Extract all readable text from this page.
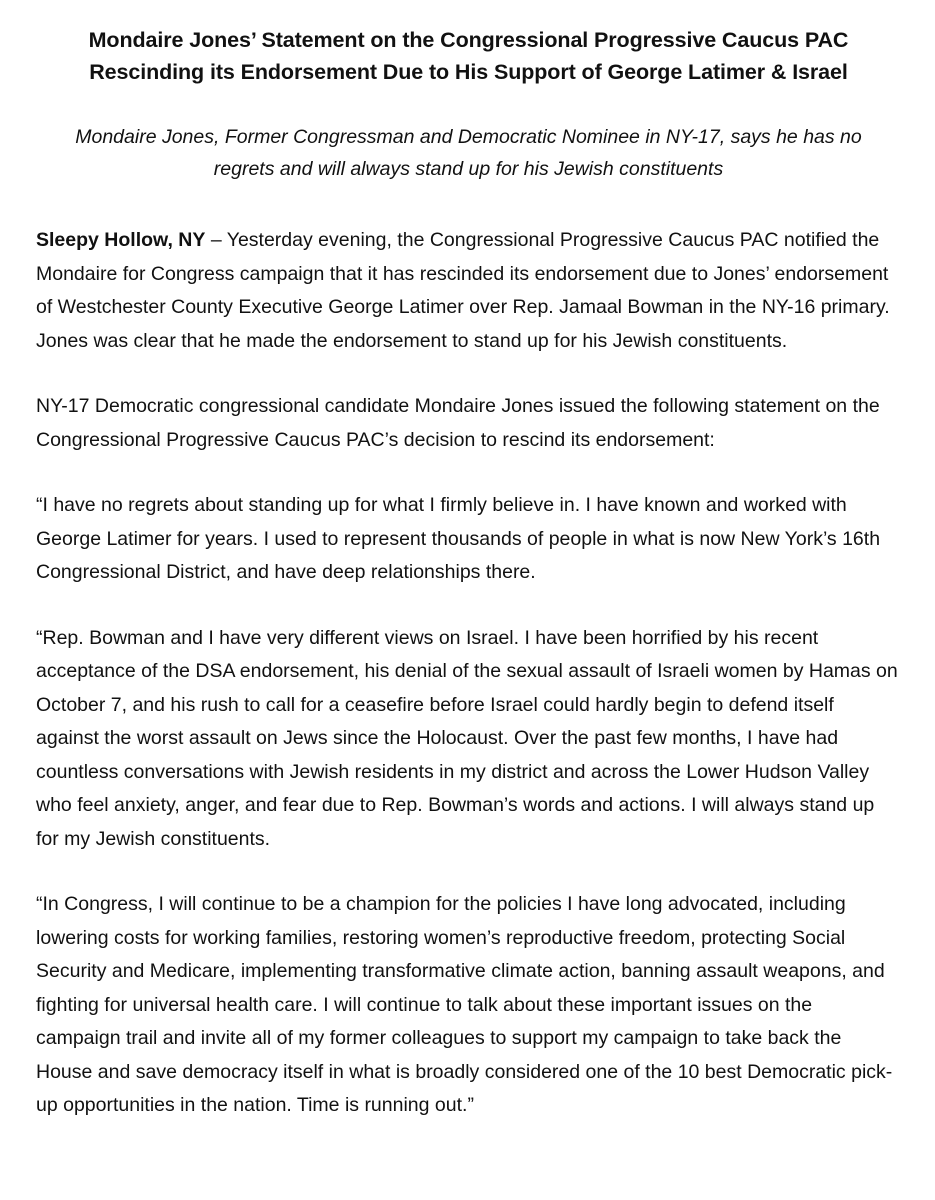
Mondaire Jones’ Statement on the Congressional Progressive Caucus PAC
Rescinding its Endorsement Due to His Support of George Latimer & Israel

Mondaire Jones, Former Congressman and Democratic Nominee in NY-17, says he has no regrets and will always stand up for his Jewish constituents

Sleepy Hollow, NY – Yesterday evening, the Congressional Progressive Caucus PAC notified the Mondaire for Congress campaign that it has rescinded its endorsement due to Jones’ endorsement of Westchester County Executive George Latimer over Rep. Jamaal Bowman in the NY-16 primary. Jones was clear that he made the endorsement to stand up for his Jewish constituents.

NY-17 Democratic congressional candidate Mondaire Jones issued the following statement on the Congressional Progressive Caucus PAC’s decision to rescind its endorsement:

“I have no regrets about standing up for what I firmly believe in. I have known and worked with George Latimer for years. I used to represent thousands of people in what is now New York’s 16th Congressional District, and have deep relationships there.

“Rep. Bowman and I have very different views on Israel. I have been horrified by his recent acceptance of the DSA endorsement, his denial of the sexual assault of Israeli women by Hamas on October 7, and his rush to call for a ceasefire before Israel could hardly begin to defend itself against the worst assault on Jews since the Holocaust. Over the past few months, I have had countless conversations with Jewish residents in my district and across the Lower Hudson Valley who feel anxiety, anger, and fear due to Rep. Bowman’s words and actions. I will always stand up for my Jewish constituents.

“In Congress, I will continue to be a champion for the policies I have long advocated, including lowering costs for working families, restoring women’s reproductive freedom, protecting Social Security and Medicare, implementing transformative climate action, banning assault weapons, and fighting for universal health care. I will continue to talk about these important issues on the campaign trail and invite all of my former colleagues to support my campaign to take back the House and save democracy itself in what is broadly considered one of the 10 best Democratic pick-up opportunities in the nation. Time is running out.”
